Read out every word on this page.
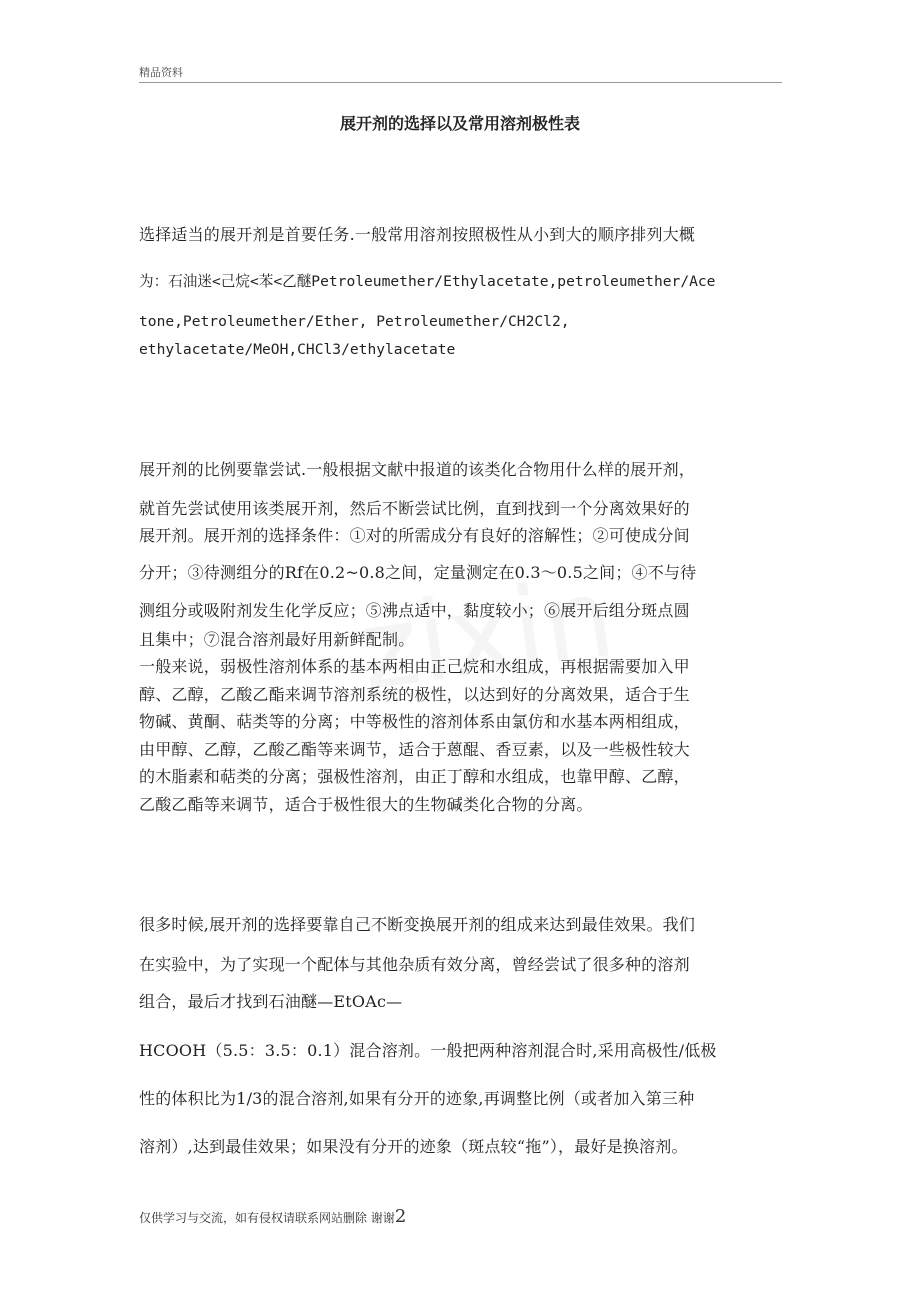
精品资料
展开剂的选择以及常用溶剂极性表
选择适当的展开剂是首要任务.一般常用溶剂按照极性从小到大的顺序排列大概
为：石油迷<己烷<苯<乙醚Petroleumether/Ethylacetate,petroleumether/Ace
tone,Petroleumether/Ether, Petroleumether/CH2Cl2,
ethylacetate/MeOH,CHCl3/ethylacetate
展开剂的比例要靠尝试.一般根据文献中报道的该类化合物用什么样的展开剂，
就首先尝试使用该类展开剂，然后不断尝试比例，直到找到一个分离效果好的
展开剂。展开剂的选择条件：①对的所需成分有良好的溶解性；②可使成分间
分开；③待测组分的Rf在0.2~0.8之间，定量测定在0.3～0.5之间；④不与待
测组分或吸附剂发生化学反应；⑤沸点适中，黏度较小；⑥展开后组分斑点圆
且集中；⑦混合溶剂最好用新鲜配制。
一般来说，弱极性溶剂体系的基本两相由正己烷和水组成，再根据需要加入甲
醇、乙醇，乙酸乙酯来调节溶剂系统的极性，以达到好的分离效果，适合于生
物碱、黄酮、萜类等的分离；中等极性的溶剂体系由氯仿和水基本两相组成，
由甲醇、乙醇，乙酸乙酯等来调节，适合于蒽醌、香豆素，以及一些极性较大
的木脂素和萜类的分离；强极性溶剂，由正丁醇和水组成，也靠甲醇、乙醇，
乙酸乙酯等来调节，适合于极性很大的生物碱类化合物的分离。
很多时候,展开剂的选择要靠自己不断变换展开剂的组成来达到最佳效果。我们
在实验中，为了实现一个配体与其他杂质有效分离，曾经尝试了很多种的溶剂
组合，最后才找到石油醚—EtOAc—
HCOOH（5.5：3.5：0.1）混合溶剂。一般把两种溶剂混合时,采用高极性/低极
性的体积比为1/3的混合溶剂,如果有分开的迹象,再调整比例（或者加入第三种
溶剂）,达到最佳效果；如果没有分开的迹象（斑点较“拖”），最好是换溶剂。
仅供学习与交流，如有侵权请联系网站删除 谢谢2
